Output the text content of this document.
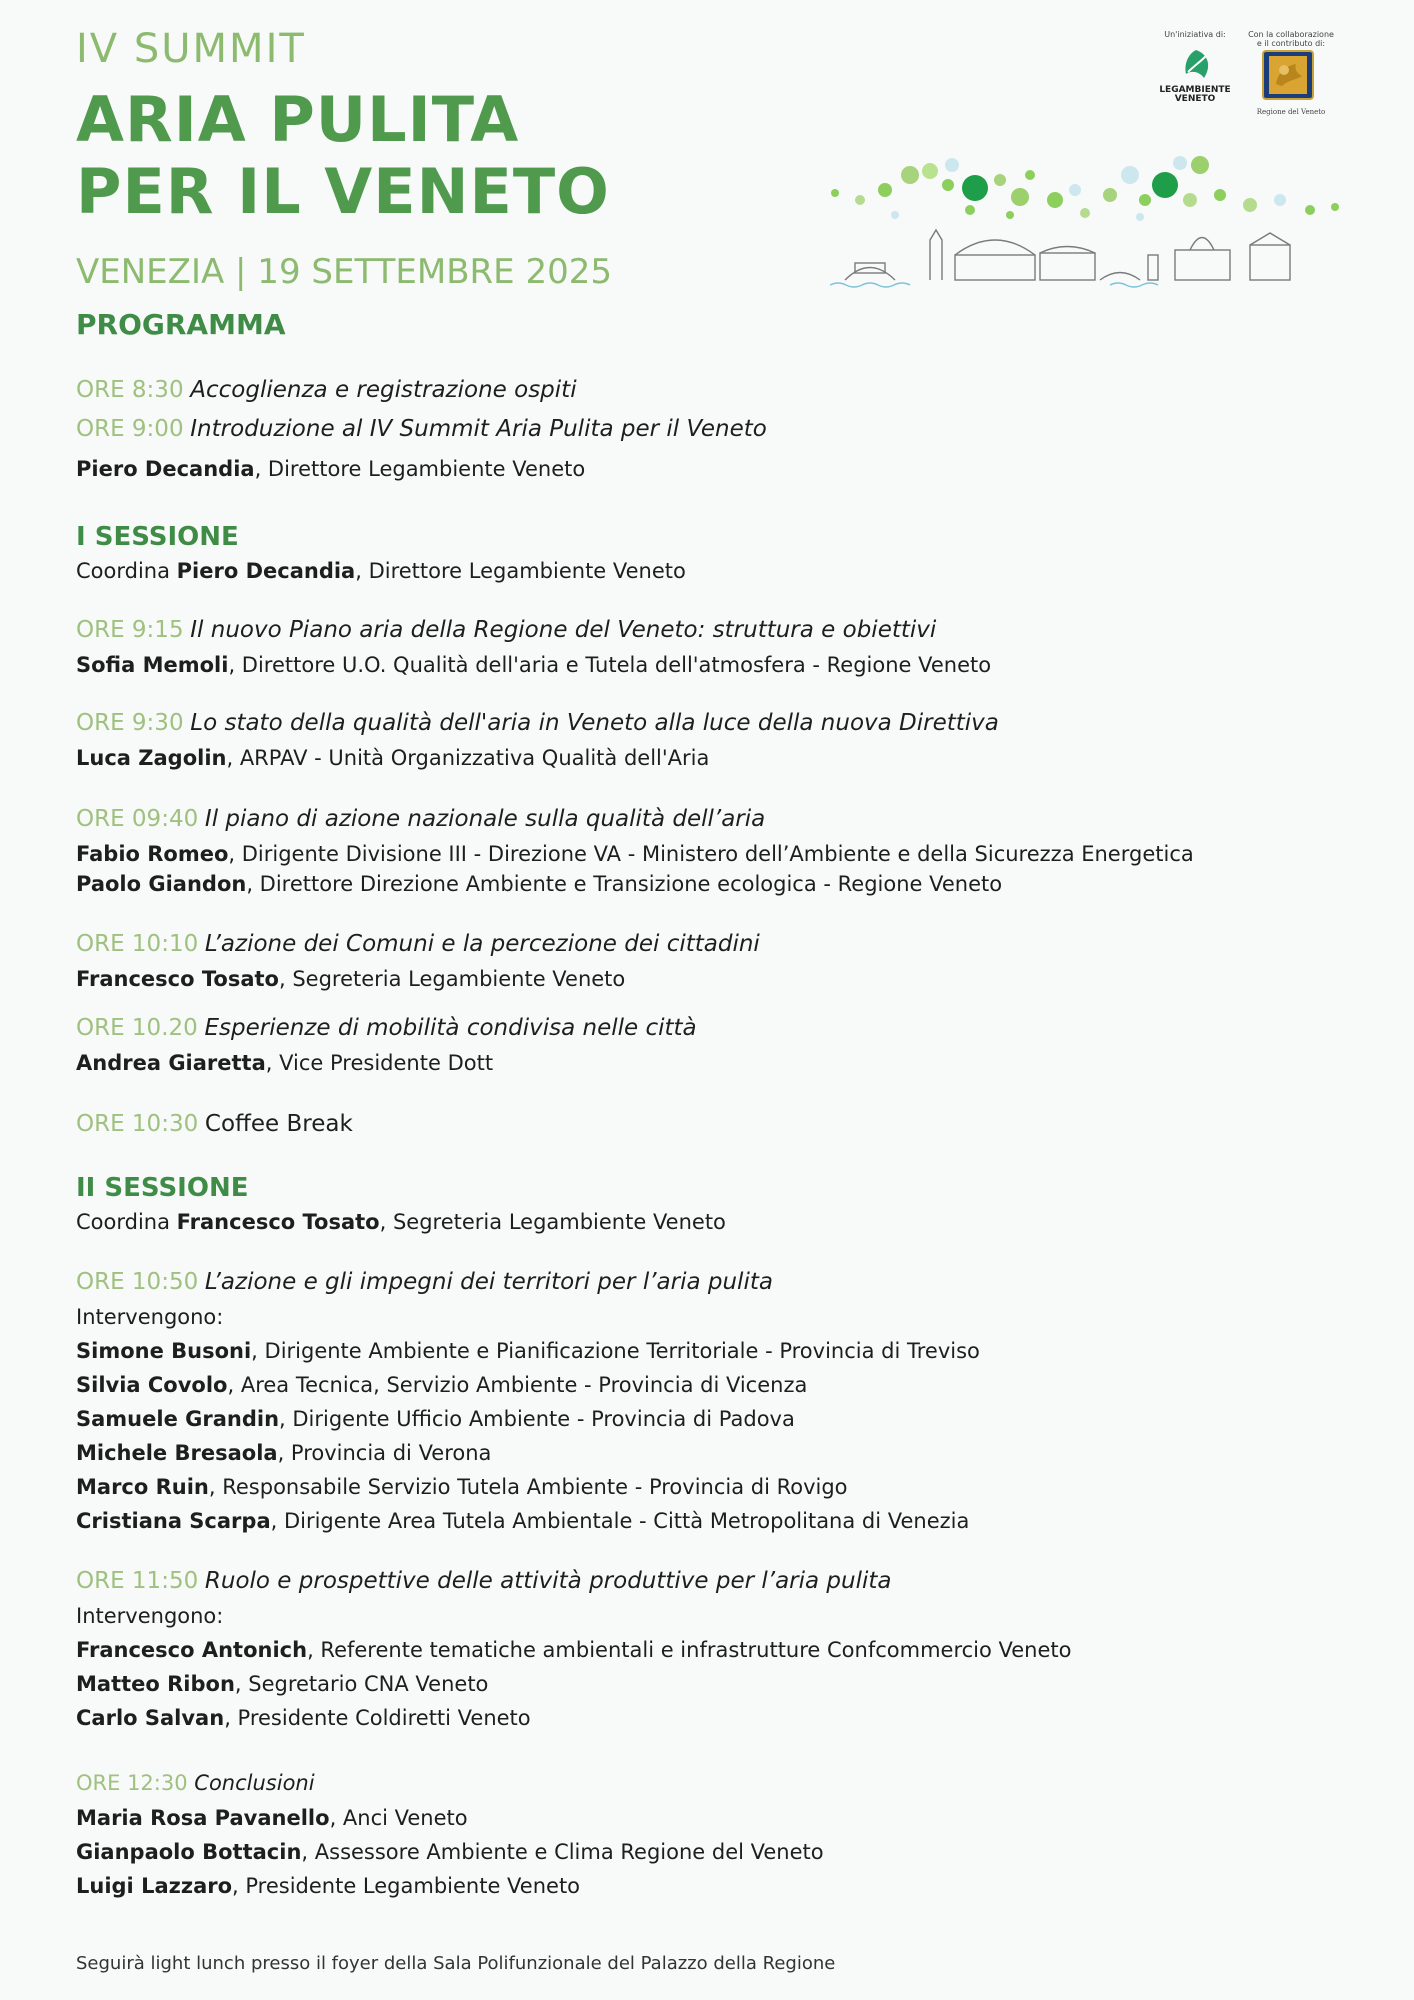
IV SUMMIT
ARIA PULITA
PER IL VENETO
VENEZIA | 19 SETTEMBRE 2025
PROGRAMMA
Un'iniziativa di:
LEGAMBIENTE
VENETO
Con la collaborazione
e il contributo di:
Regione del Veneto
ORE 8:30 Accoglienza e registrazione ospiti
ORE 9:00 Introduzione al IV Summit Aria Pulita per il Veneto
Piero Decandia, Direttore Legambiente Veneto
I SESSIONE
Coordina Piero Decandia, Direttore Legambiente Veneto
ORE 9:15 Il nuovo Piano aria della Regione del Veneto: struttura e obiettivi
Sofia Memoli, Direttore U.O. Qualità dell'aria e Tutela dell'atmosfera - Regione Veneto
ORE 9:30 Lo stato della qualità dell'aria in Veneto alla luce della nuova Direttiva
Luca Zagolin, ARPAV - Unità Organizzativa Qualità dell'Aria
ORE 09:40 Il piano di azione nazionale sulla qualità dell’aria
Fabio Romeo, Dirigente Divisione III - Direzione VA - Ministero dell’Ambiente e della Sicurezza Energetica
Paolo Giandon, Direttore Direzione Ambiente e Transizione ecologica - Regione Veneto
ORE 10:10 L’azione dei Comuni e la percezione dei cittadini
Francesco Tosato, Segreteria Legambiente Veneto
ORE 10.20 Esperienze di mobilità condivisa nelle città
Andrea Giaretta, Vice Presidente Dott
ORE 10:30 Coffee Break
II SESSIONE
Coordina Francesco Tosato, Segreteria Legambiente Veneto
ORE 10:50 L’azione e gli impegni dei territori per l’aria pulita
Intervengono:
Simone Busoni, Dirigente Ambiente e Pianificazione Territoriale - Provincia di Treviso
Silvia Covolo, Area Tecnica, Servizio Ambiente - Provincia di Vicenza
Samuele Grandin, Dirigente Ufficio Ambiente - Provincia di Padova
Michele Bresaola, Provincia di Verona
Marco Ruin, Responsabile Servizio Tutela Ambiente - Provincia di Rovigo
Cristiana Scarpa, Dirigente Area Tutela Ambientale - Città Metropolitana di Venezia
ORE 11:50 Ruolo e prospettive delle attività produttive per l’aria pulita
Intervengono:
Francesco Antonich, Referente tematiche ambientali e infrastrutture Confcommercio Veneto
Matteo Ribon, Segretario CNA Veneto
Carlo Salvan, Presidente Coldiretti Veneto
ORE 12:30 Conclusioni
Maria Rosa Pavanello, Anci Veneto
Gianpaolo Bottacin, Assessore Ambiente e Clima Regione del Veneto
Luigi Lazzaro, Presidente Legambiente Veneto
Seguirà light lunch presso il foyer della Sala Polifunzionale del Palazzo della Regione
